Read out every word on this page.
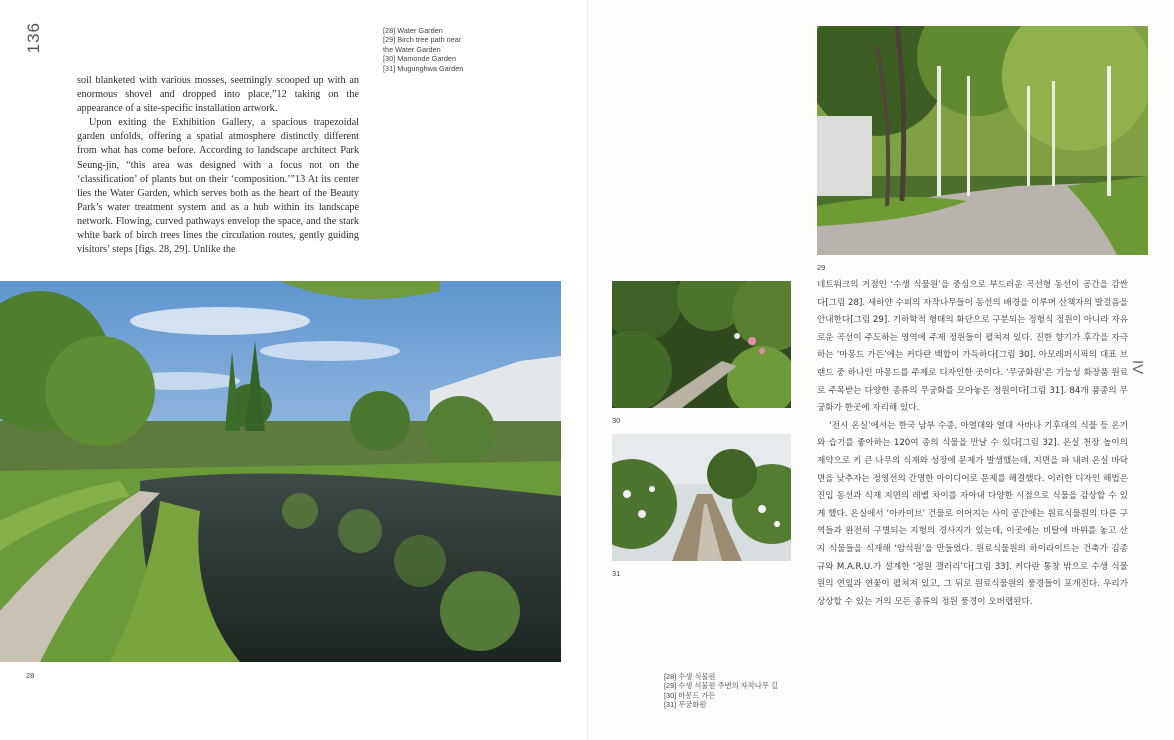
136
IV
[28] Water Garden
[29] Birch tree path near
the Water Garden
[30] Mamonde Garden
[31] Mugunghwa Garden

soil blanketed with various mosses, seemingly scooped up with an enormous shovel and dropped into place,”12 taking on the appearance of a site-specific installation artwork.

Upon exiting the Exhibition Gallery, a spacious trapezoidal garden unfolds, offering a spatial atmosphere distinctly different from what has come before. According to landscape architect Park Seung-jin, “this area was designed with a focus not on the ‘classification’ of plants but on their ‘composition.’”13 At its center lies the Water Garden, which serves both as the heart of the Beauty Park’s water treatment system and as a hub within its landscape network. Flowing, curved pathways envelop the space, and the stark white bark of birch trees lines the circulation routes, gently guiding visitors’ steps [figs. 28, 29]. Unlike the

28
29
30
31

네트워크의 거점인 ‘수생 식물원’을 중심으로 부드러운 곡선형 동선이 공간을 감싼다[그림 28]. 새하얀 수피의 자작나무들이 동선의 배경을 이루며 산책자의 발걸음을 안내한다[그림 29]. 기하학적 형태의 화단으로 구분되는 정형식 정원이 아니라 자유로운 곡선이 주도하는 영역에 주제 정원들이 펼쳐져 있다. 진한 향기가 후각을 자극하는 ‘마몽드 가든’에는 커다란 백합이 가득하다[그림 30]. 아모레퍼시픽의 대표 브랜드 중 하나인 마몽드를 주제로 디자인한 곳이다. ‘무궁화원’은 기능성 화장품 원료로 주목받는 다양한 종류의 무궁화를 모아놓은 정원이다[그림 31]. 84개 품종의 무궁화가 한곳에 자리해 있다.

‘전시 온실’에서는 한국 남부 수종, 아열대와 열대 사바나 기후대의 식물 등 온기와 습기를 좋아하는 120여 종의 식물을 만날 수 있다[그림 32]. 온실 천장 높이의 제약으로 키 큰 나무의 식재와 성장에 문제가 발생했는데, 지면을 파 내려 온실 바닥 면을 낮추자는 정영선의 간명한 아이디어로 문제를 해결했다. 이러한 디자인 해법은 진입 동선과 식재 지면의 레벨 차이를 자아내 다양한 시점으로 식물을 감상할 수 있게 했다. 온실에서 ‘아카이브’ 건물로 이어지는 사이 공간에는 원료식물원의 다른 구역들과 완전히 구별되는 지형의 경사지가 있는데, 이곳에는 비탈에 바위를 놓고 산지 식물들을 식재해 ‘암석원’을 만들었다. 원료식물원의 하이라이트는 건축가 김종규와 M.A.R.U.가 설계한 ‘정원 갤러리’다[그림 33]. 커다란 통창 밖으로 수생 식물원의 연잎과 연꽃이 펼쳐져 있고, 그 뒤로 원료식물원의 풍경들이 포개진다. 우리가 상상할 수 있는 거의 모든 종류의 정원 풍경이 오버랩된다.

[28] 수생 식물원
[29] 수생 식물원 주변의 자작나무 길
[30] 마몽드 가든
[31] 무궁화원
